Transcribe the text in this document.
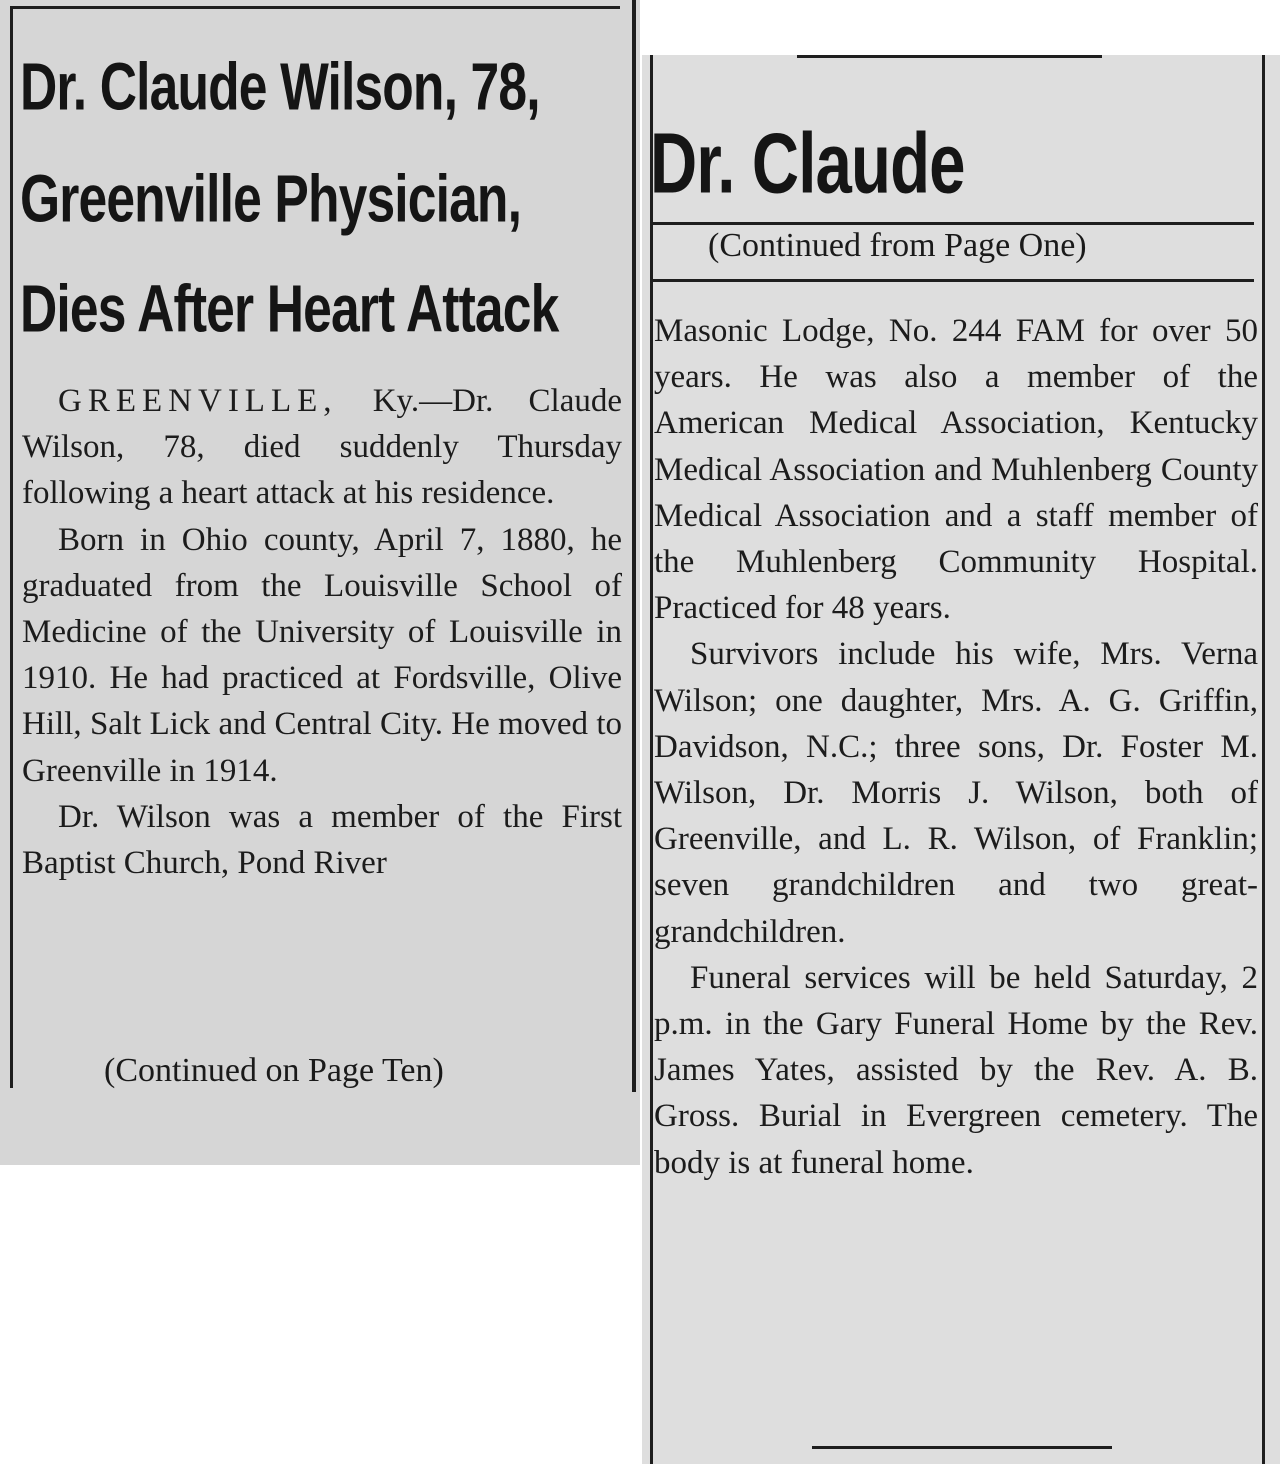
Dr. Claude Wilson, 78,
Greenville Physician,
Dies After Heart Attack

GREENVILLE, Ky.—Dr. Claude Wilson, 78, died suddenly Thursday following a heart attack at his residence.

Born in Ohio county, April 7, 1880, he graduated from the Louisville School of Medicine of the University of Louisville in 1910. He had practiced at Fordsville, Olive Hill, Salt Lick and Central City. He moved to Greenville in 1914.

Dr. Wilson was a member of the First Baptist Church, Pond River

(Continued on Page Ten)
Dr. Claude
(Continued from Page One)

Masonic Lodge, No. 244 FAM for over 50 years. He was also a member of the American Medical Association, Kentucky Medical Association and Muhlenberg County Medical Association and a staff member of the Muhlenberg Community Hospital. Practiced for 48 years.

Survivors include his wife, Mrs. Verna Wilson; one daughter, Mrs. A. G. Griffin, Davidson, N.C.; three sons, Dr. Foster M. Wilson, Dr. Morris J. Wilson, both of Greenville, and L. R. Wilson, of Franklin; seven grandchildren and two great-grandchildren.

Funeral services will be held Saturday, 2 p.m. in the Gary Funeral Home by the Rev. James Yates, assisted by the Rev. A. B. Gross. Burial in Evergreen cemetery. The body is at funeral home.
